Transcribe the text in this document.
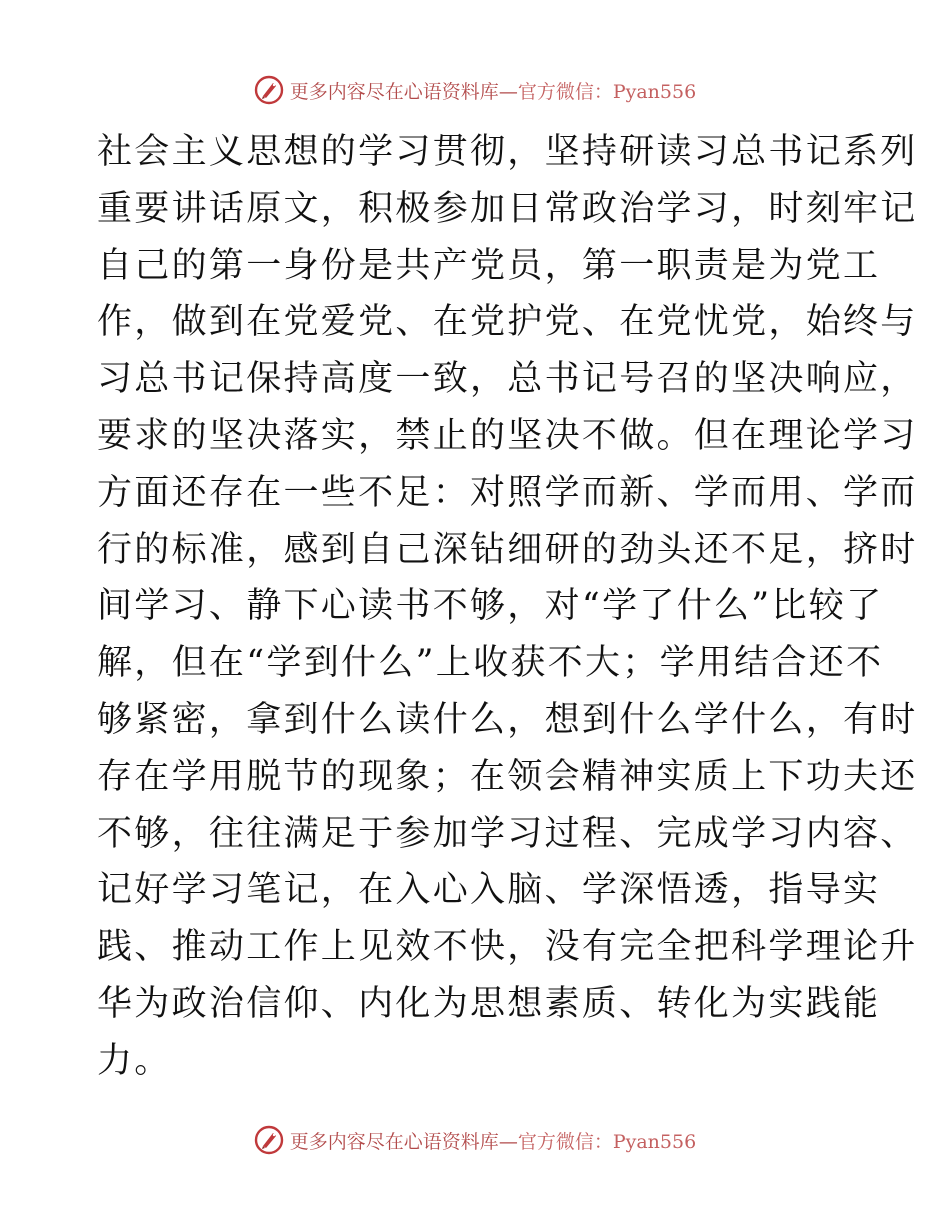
更多内容尽在心语资料库—官方微信：Pyan556
社会主义思想的学习贯彻，坚持研读习总书记系列
重要讲话原文，积极参加日常政治学习，时刻牢记
自己的第一身份是共产党员，第一职责是为党工
作，做到在党爱党、在党护党、在党忧党，始终与
习总书记保持高度一致，总书记号召的坚决响应，
要求的坚决落实，禁止的坚决不做。但在理论学习
方面还存在一些不足：对照学而新、学而用、学而
行的标准，感到自己深钻细研的劲头还不足，挤时
间学习、静下心读书不够，对“学了什么”比较了
解，但在“学到什么”上收获不大；学用结合还不
够紧密，拿到什么读什么，想到什么学什么，有时
存在学用脱节的现象；在领会精神实质上下功夫还
不够，往往满足于参加学习过程、完成学习内容、
记好学习笔记，在入心入脑、学深悟透，指导实
践、推动工作上见效不快，没有完全把科学理论升
华为政治信仰、内化为思想素质、转化为实践能
力。
更多内容尽在心语资料库—官方微信：Pyan556
